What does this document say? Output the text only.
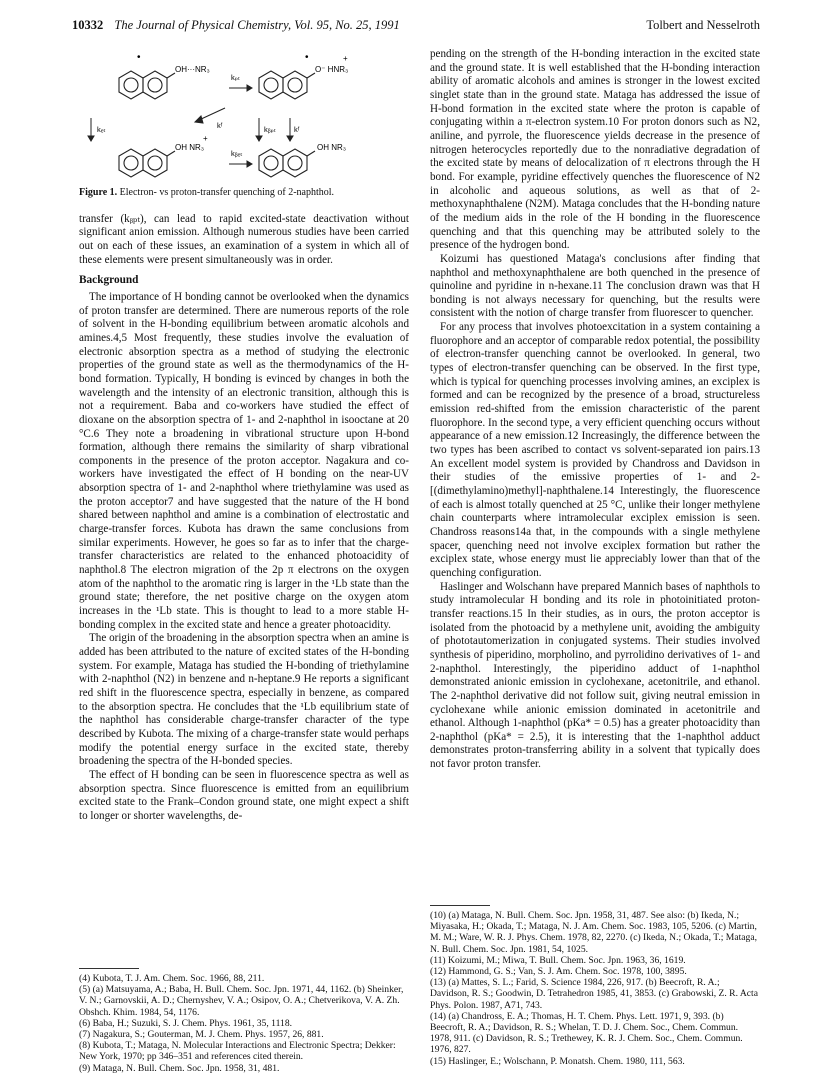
10332 The Journal of Physical Chemistry, Vol. 95, No. 25, 1991	Tolbert and Nesselroth
•
OH···NR₃
kₚₜ
•	+
O⁻ HNR₃
kₑₜ	kᶠ	kᵦₚₜ kᶠ
+
OH NR₃
kᵦₑₜ
OH NR₃

Figure 1. Electron- vs proton-transfer quenching of 2-naphthol.

transfer (kᵦₚₜ), can lead to rapid excited-state deactivation without significant anion emission. Although numerous studies have been carried out on each of these issues, an examination of a system in which all of these elements were present simultaneously was in order.

Background

The importance of H bonding cannot be overlooked when the dynamics of proton transfer are determined. There are numerous reports of the role of solvent in the H-bonding equilibrium between aromatic alcohols and amines.4,5 Most frequently, these studies involve the evaluation of electronic absorption spectra as a method of studying the electronic properties of the ground state as well as the thermodynamics of the H-bond formation. Typically, H bonding is evinced by changes in both the wavelength and the intensity of an electronic transition, although this is not a requirement. Baba and co-workers have studied the effect of dioxane on the absorption spectra of 1- and 2-naphthol in isooctane at 20 °C.6 They note a broadening in vibrational structure upon H-bond formation, although there remains the similarity of sharp vibrational components in the presence of the proton acceptor. Nagakura and co-workers have investigated the effect of H bonding on the near-UV absorption spectra of 1- and 2-naphthol where triethylamine was used as the proton acceptor7 and have suggested that the nature of the H bond shared between naphthol and amine is a combination of electrostatic and charge-transfer forces. Kubota has drawn the same conclusions from similar experiments. However, he goes so far as to infer that the charge-transfer characteristics are related to the enhanced photoacidity of naphthol.8 The electron migration of the 2p π electrons on the oxygen atom of the naphthol to the aromatic ring is larger in the ¹Lb state than the ground state; therefore, the net positive charge on the oxygen atom increases in the ¹Lb state. This is thought to lead to a more stable H-bonding complex in the excited state and hence a greater photoacidity.

The origin of the broadening in the absorption spectra when an amine is added has been attributed to the nature of excited states of the H-bonding system. For example, Mataga has studied the H-bonding of triethylamine with 2-naphthol (N2) in benzene and n-heptane.9 He reports a significant red shift in the fluorescence spectra, especially in benzene, as compared to the absorption spectra. He concludes that the ¹Lb equilibrium state of the naphthol has considerable charge-transfer character of the type described by Kubota. The mixing of a charge-transfer state would perhaps modify the potential energy surface in the excited state, thereby broadening the spectra of the H-bonded species.

The effect of H bonding can be seen in fluorescence spectra as well as absorption spectra. Since fluorescence is emitted from an equilibrium excited state to the Frank–Condon ground state, one might expect a shift to longer or shorter wavelengths, de-

(4) Kubota, T. J. Am. Chem. Soc. 1966, 88, 211.

(5) (a) Matsuyama, A.; Baba, H. Bull. Chem. Soc. Jpn. 1971, 44, 1162. (b) Sheinker, V. N.; Garnovskii, A. D.; Chernyshev, V. A.; Osipov, O. A.; Chetverikova, V. A. Zh. Obshch. Khim. 1984, 54, 1176.

(6) Baba, H.; Suzuki, S. J. Chem. Phys. 1961, 35, 1118.

(7) Nagakura, S.; Gouterman, M. J. Chem. Phys. 1957, 26, 881.

(8) Kubota, T.; Mataga, N. Molecular Interactions and Electronic Spectra; Dekker: New York, 1970; pp 346–351 and references cited therein.

(9) Mataga, N. Bull. Chem. Soc. Jpn. 1958, 31, 481.

pending on the strength of the H-bonding interaction in the excited state and the ground state. It is well established that the H-bonding interaction ability of aromatic alcohols and amines is stronger in the lowest excited singlet state than in the ground state. Mataga has addressed the issue of H-bond formation in the excited state where the proton is capable of conjugating within a π-electron system.10 For proton donors such as N2, aniline, and pyrrole, the fluorescence yields decrease in the presence of nitrogen heterocycles reportedly due to the nonradiative degradation of the excited state by means of delocalization of π electrons through the H bond. For example, pyridine effectively quenches the fluorescence of N2 in alcoholic and aqueous solutions, as well as that of 2-methoxynaphthalene (N2M). Mataga concludes that the H-bonding nature of the medium aids in the role of the H bonding in the fluorescence quenching and that this quenching may be attributed solely to the presence of the hydrogen bond.

Koizumi has questioned Mataga's conclusions after finding that naphthol and methoxynaphthalene are both quenched in the presence of quinoline and pyridine in n-hexane.11 The conclusion drawn was that H bonding is not always necessary for quenching, but the results were consistent with the notion of charge transfer from fluorescer to quencher.

For any process that involves photoexcitation in a system containing a fluorophore and an acceptor of comparable redox potential, the possibility of electron-transfer quenching cannot be overlooked. In general, two types of electron-transfer quenching can be observed. In the first type, which is typical for quenching processes involving amines, an exciplex is formed and can be recognized by the presence of a broad, structureless emission red-shifted from the emission characteristic of the parent fluorophore. In the second type, a very efficient quenching occurs without appearance of a new emission.12 Increasingly, the difference between the two types has been ascribed to contact vs solvent-separated ion pairs.13 An excellent model system is provided by Chandross and Davidson in their studies of the emissive properties of 1- and 2-[(dimethylamino)methyl]-naphthalene.14 Interestingly, the fluorescence of each is almost totally quenched at 25 °C, unlike their longer methylene chain counterparts where intramolecular exciplex emission is seen. Chandross reasons14a that, in the compounds with a single methylene spacer, quenching need not involve exciplex formation but rather the exciplex state, whose energy must lie appreciably lower than that of the quenching configuration.

Haslinger and Wolschann have prepared Mannich bases of naphthols to study intramolecular H bonding and its role in photoinitiated proton-transfer reactions.15 In their studies, as in ours, the proton acceptor is isolated from the photoacid by a methylene unit, avoiding the ambiguity of phototautomerization in conjugated systems. Their studies involved synthesis of piperidino, morpholino, and pyrrolidino derivatives of 1- and 2-naphthol. Interestingly, the piperidino adduct of 1-naphthol demonstrated anionic emission in cyclohexane, acetonitrile, and ethanol. The 2-naphthol derivative did not follow suit, giving neutral emission in cyclohexane while anionic emission dominated in acetonitrile and ethanol. Although 1-naphthol (pKa* = 0.5) has a greater photoacidity than 2-naphthol (pKa* = 2.5), it is interesting that the 1-naphthol adduct demonstrates proton-transferring ability in a solvent that typically does not favor proton transfer.

(10) (a) Mataga, N. Bull. Chem. Soc. Jpn. 1958, 31, 487. See also: (b) Ikeda, N.; Miyasaka, H.; Okada, T.; Mataga, N. J. Am. Chem. Soc. 1983, 105, 5206. (c) Martin, M. M.; Ware, W. R. J. Phys. Chem. 1978, 82, 2270. (c) Ikeda, N.; Okada, T.; Mataga, N. Bull. Chem. Soc. Jpn. 1981, 54, 1025.

(11) Koizumi, M.; Miwa, T. Bull. Chem. Soc. Jpn. 1963, 36, 1619.

(12) Hammond, G. S.; Van, S. J. Am. Chem. Soc. 1978, 100, 3895.

(13) (a) Mattes, S. L.; Farid, S. Science 1984, 226, 917. (b) Beecroft, R. A.; Davidson, R. S.; Goodwin, D. Tetrahedron 1985, 41, 3853. (c) Grabowski, Z. R. Acta Phys. Polon. 1987, A71, 743.

(14) (a) Chandross, E. A.; Thomas, H. T. Chem. Phys. Lett. 1971, 9, 393. (b) Beecroft, R. A.; Davidson, R. S.; Whelan, T. D. J. Chem. Soc., Chem. Commun. 1978, 911. (c) Davidson, R. S.; Trethewey, K. R. J. Chem. Soc., Chem. Commun. 1976, 827.

(15) Haslinger, E.; Wolschann, P. Monatsh. Chem. 1980, 111, 563.
